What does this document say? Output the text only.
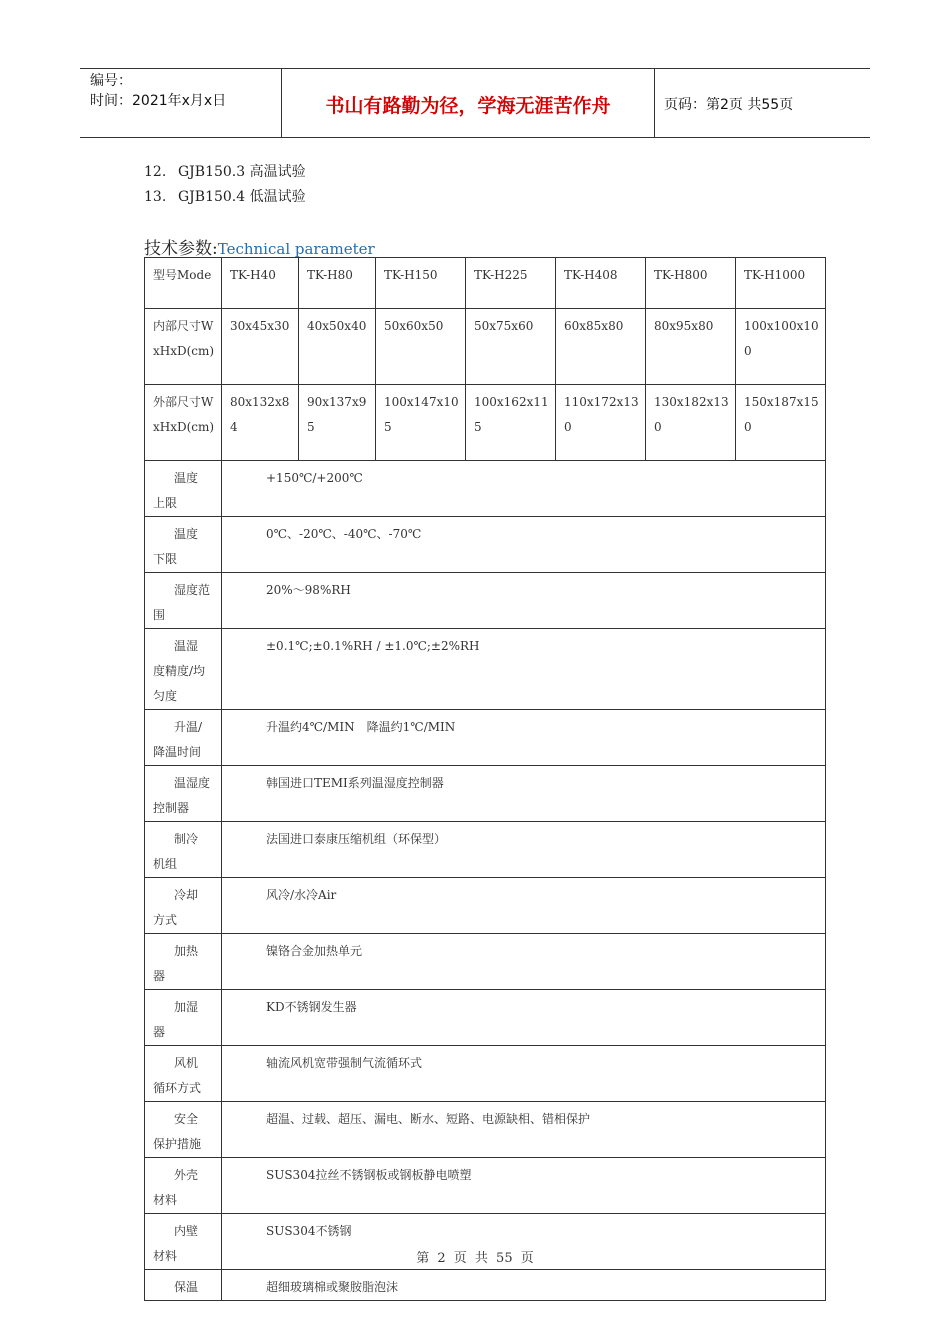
编号：
时间：2021年x月x日	书山有路勤为径，学海无涯苦作舟	页码：第2页 共55页
12. GJB150.3 高温试验
13. GJB150.4 低温试验
技术参数:Technical parameter
型号Mode	TK-H40	TK-H80	TK-H150	TK-H225	TK-H408	TK-H800	TK-H1000
内部尺寸WxHxD(cm)	30x45x30	40x50x40	50x60x50	50x75x60	60x85x80	80x95x80	100x100x100
外部尺寸WxHxD(cm)	80x132x84	90x137x95	100x147x105	100x162x115	110x172x130	130x182x130	150x187x150

温度
上限	+150℃/+200℃						

温度
下限	0℃、-20℃、-40℃、-70℃						

湿度范
围	20%～98%RH						

温湿
度精度/均匀度	±0.1℃;±0.1%RH / ±1.0℃;±2%RH						

升温/
降温时间	升温约4℃/MIN　降温约1℃/MIN						

温湿度
控制器	韩国进口TEMI系列温湿度控制器						

制冷
机组	法国进口泰康压缩机组（环保型）						

冷却
方式	风冷/水冷Air						

加热
器	镍铬合金加热单元						

加湿
器	KD不锈钢发生器						

风机
循环方式	轴流风机宽带强制气流循环式						

安全
保护措施	超温、过载、超压、漏电、断水、短路、电源缺相、错相保护						

外壳
材料	SUS304拉丝不锈钢板或钢板静电喷塑						

内壁
材料	SUS304不锈钢						

保温	超细玻璃棉或聚胺脂泡沫						
第 2 页 共 55 页
